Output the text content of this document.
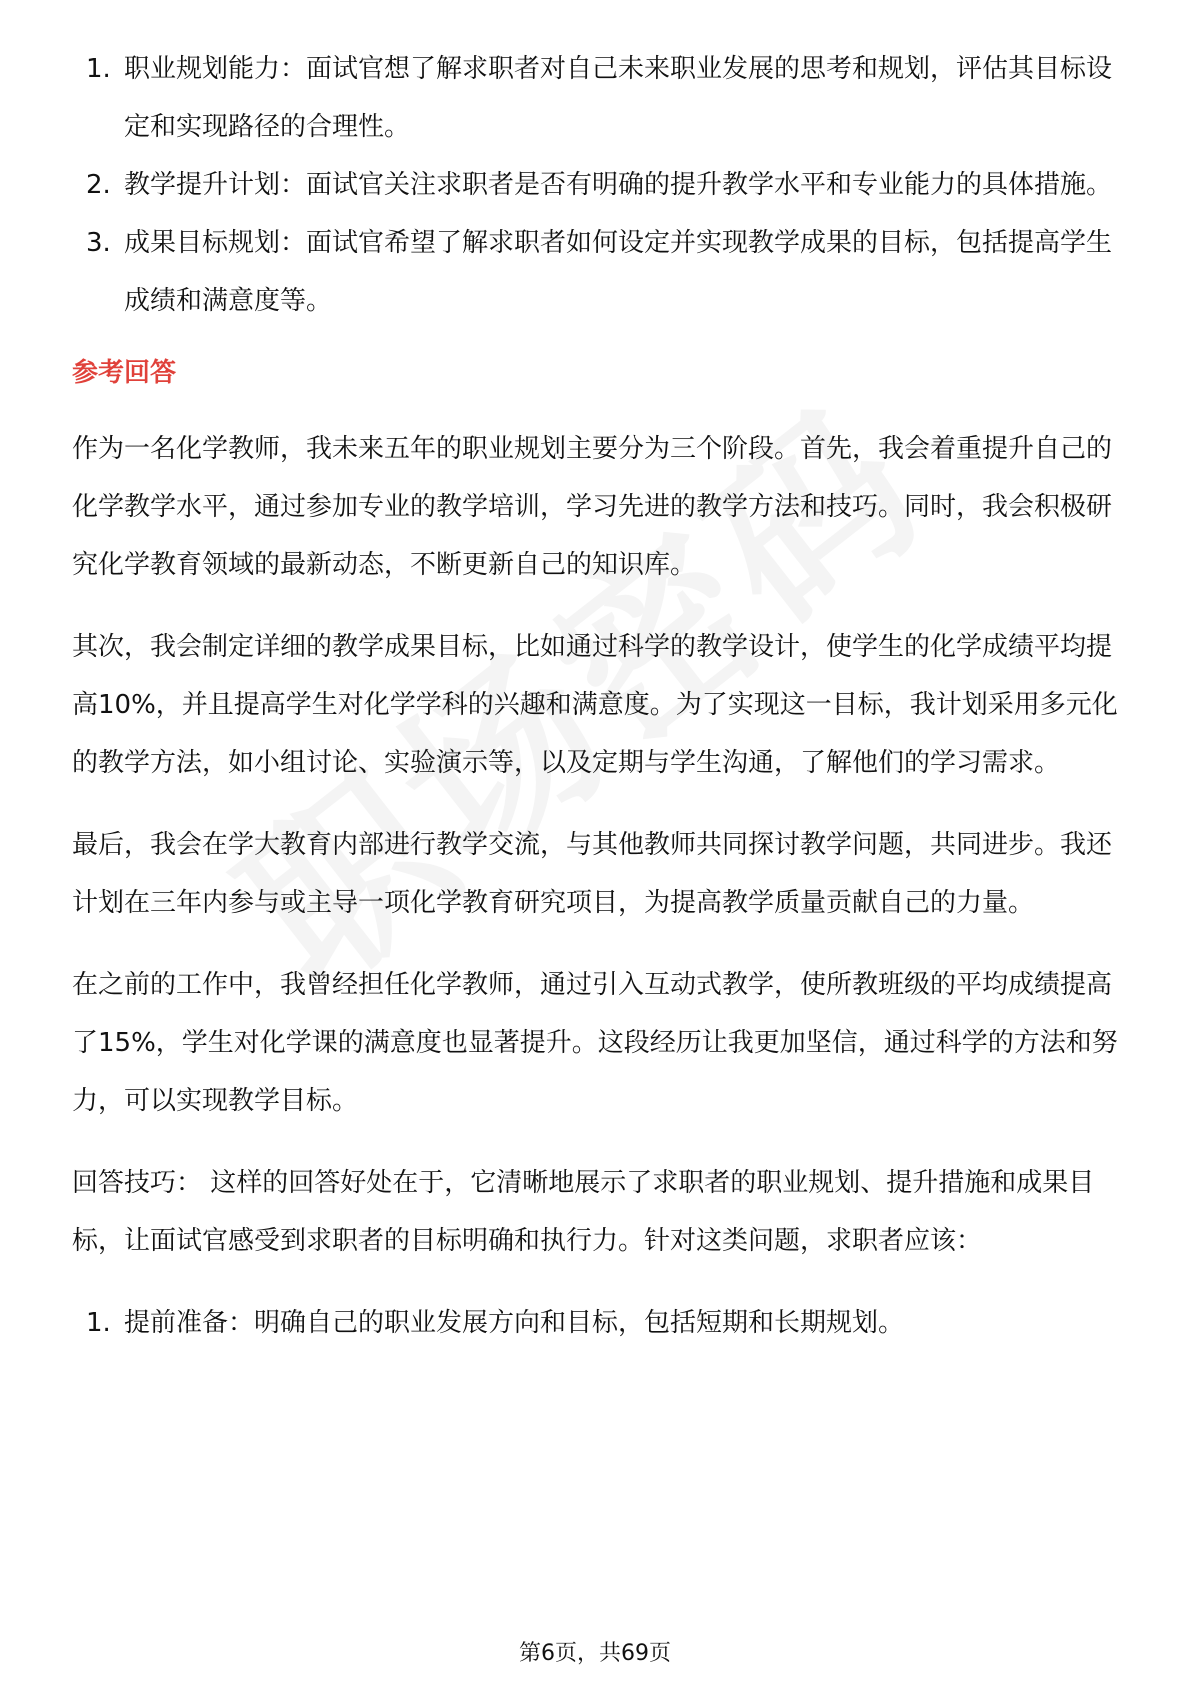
1. 职业规划能力：面试官想了解求职者对自己未来职业发展的思考和规划，评估其目标设定和实现路径的合理性。
2. 教学提升计划：面试官关注求职者是否有明确的提升教学水平和专业能力的具体措施。
3. 成果目标规划：面试官希望了解求职者如何设定并实现教学成果的目标，包括提高学生成绩和满意度等。
参考回答

作为一名化学教师，我未来五年的职业规划主要分为三个阶段。首先，我会着重提升自己的化学教学水平，通过参加专业的教学培训，学习先进的教学方法和技巧。同时，我会积极研究化学教育领域的最新动态，不断更新自己的知识库。

其次，我会制定详细的教学成果目标，比如通过科学的教学设计，使学生的化学成绩平均提高10%，并且提高学生对化学学科的兴趣和满意度。为了实现这一目标，我计划采用多元化的教学方法，如小组讨论、实验演示等，以及定期与学生沟通，了解他们的学习需求。

最后，我会在学大教育内部进行教学交流，与其他教师共同探讨教学问题，共同进步。我还计划在三年内参与或主导一项化学教育研究项目，为提高教学质量贡献自己的力量。

在之前的工作中，我曾经担任化学教师，通过引入互动式教学，使所教班级的平均成绩提高了15%，学生对化学课的满意度也显著提升。这段经历让我更加坚信，通过科学的方法和努力，可以实现教学目标。

回答技巧： 这样的回答好处在于，它清晰地展示了求职者的职业规划、提升措施和成果目标，让面试官感受到求职者的目标明确和执行力。针对这类问题，求职者应该：

1. 提前准备：明确自己的职业发展方向和目标，包括短期和长期规划。
第6页，共69页
